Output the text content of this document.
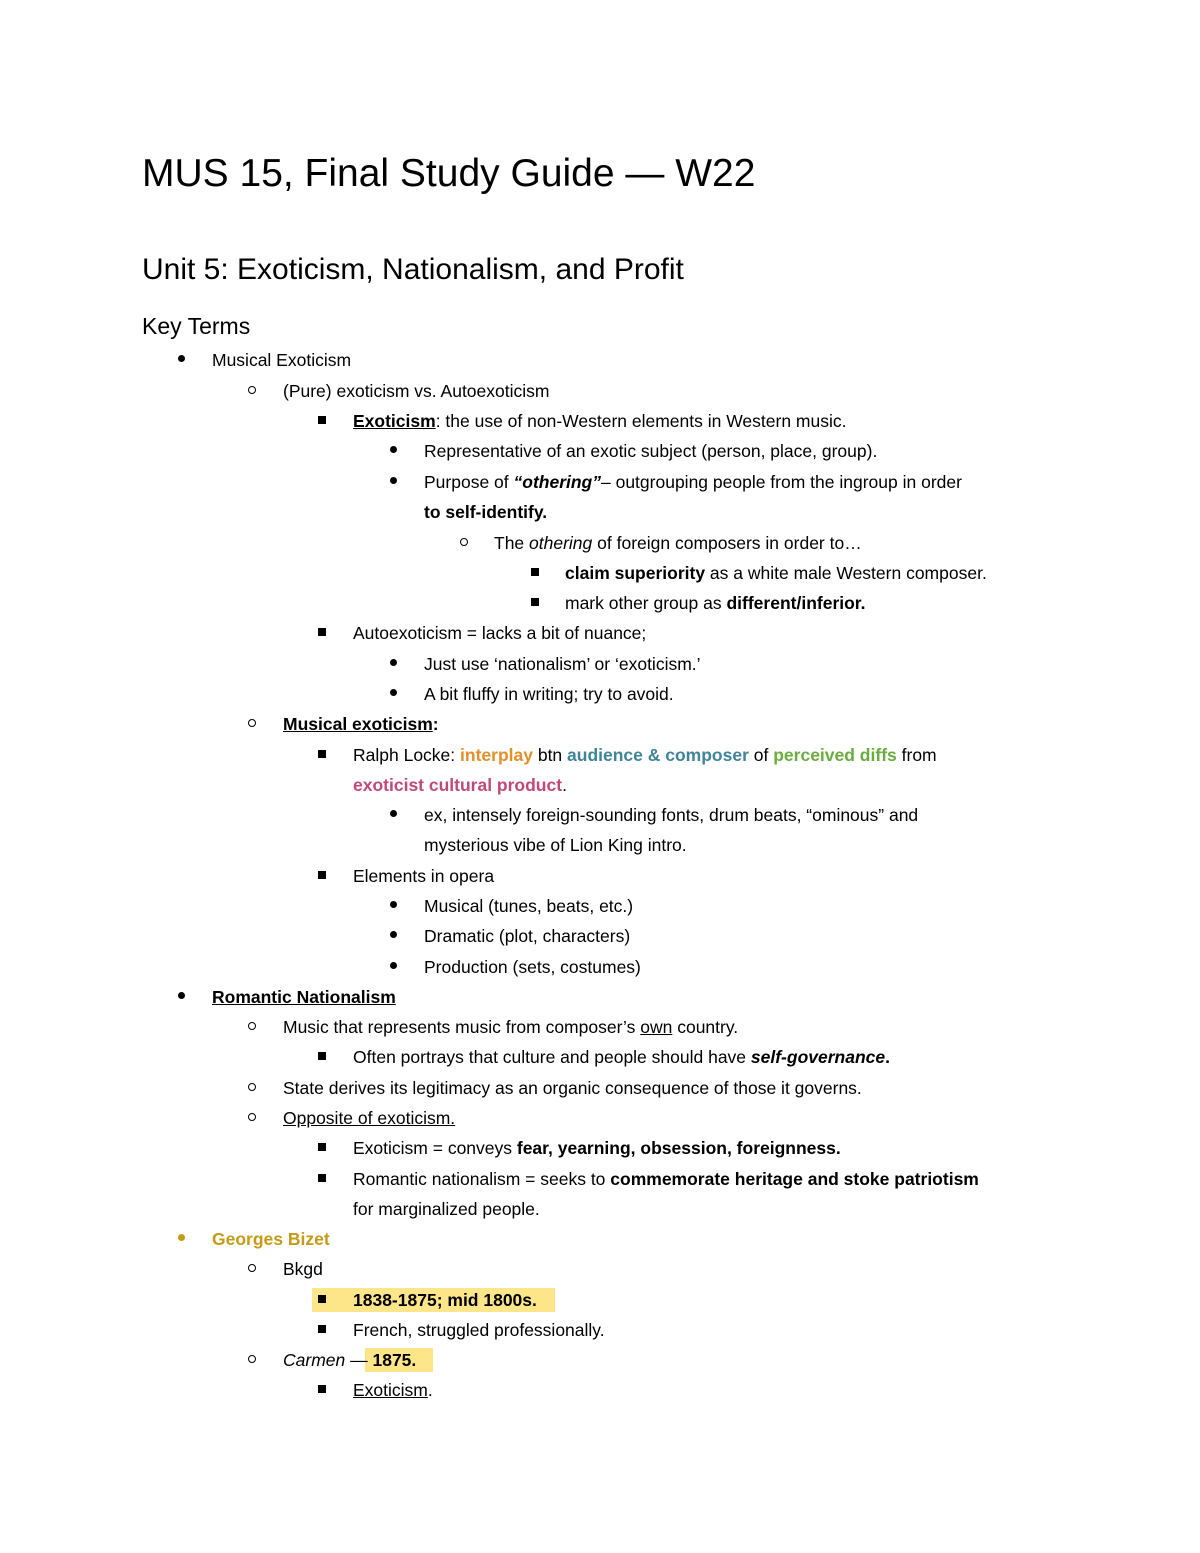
MUS 15, Final Study Guide — W22
Unit 5: Exoticism, Nationalism, and Profit
Key Terms
Musical Exoticism
(Pure) exoticism vs. Autoexoticism
Exoticism: the use of non-Western elements in Western music.
Representative of an exotic subject (person, place, group).
Purpose of “othering”– outgrouping people from the ingroup in order
to self-identify.
The othering of foreign composers in order to…
claim superiority as a white male Western composer.
mark other group as different/inferior.
Autoexoticism = lacks a bit of nuance;
Just use ‘nationalism’ or ‘exoticism.’
A bit fluffy in writing; try to avoid.
Musical exoticism:
Ralph Locke: interplay btn audience & composer of perceived diffs from
exoticist cultural product.
ex, intensely foreign-sounding fonts, drum beats, “ominous” and
mysterious vibe of Lion King intro.
Elements in opera
Musical (tunes, beats, etc.)
Dramatic (plot, characters)
Production (sets, costumes)
Romantic Nationalism
Music that represents music from composer’s own country.
Often portrays that culture and people should have self-governance.
State derives its legitimacy as an organic consequence of those it governs.
Opposite of exoticism.
Exoticism = conveys fear, yearning, obsession, foreignness.
Romantic nationalism = seeks to commemorate heritage and stoke patriotism
for marginalized people.
Georges Bizet
Bkgd
1838-1875; mid 1800s.
French, struggled professionally.
Carmen — 1875.
Exoticism.
